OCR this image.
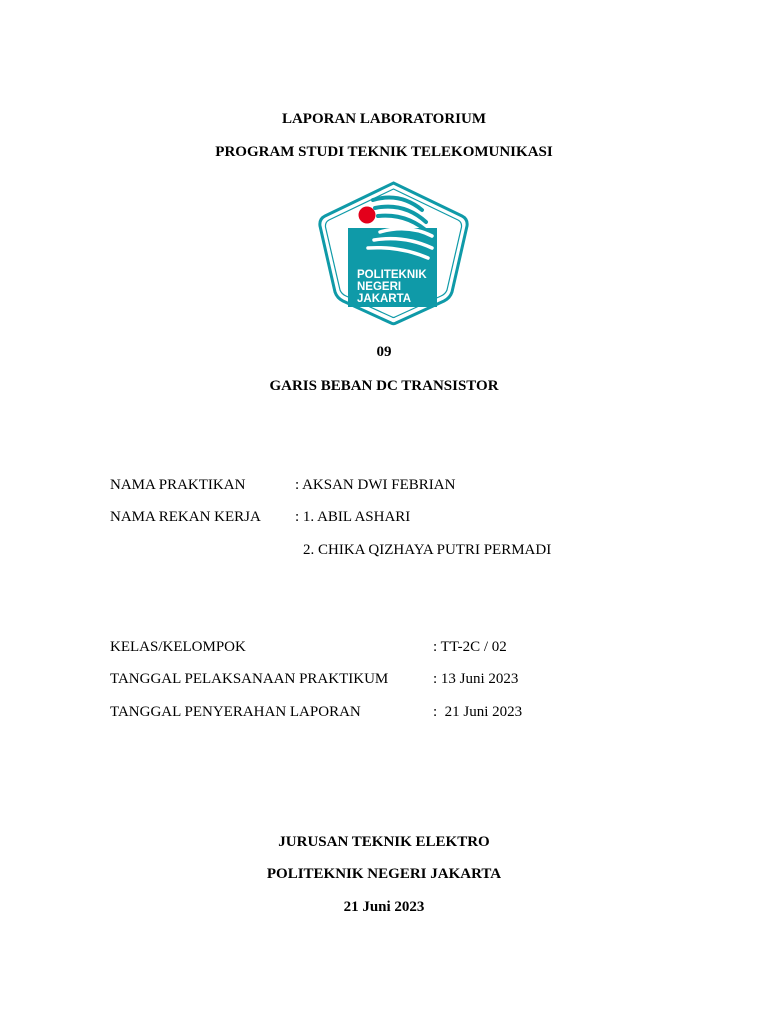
LAPORAN LABORATORIUM
PROGRAM STUDI TEKNIK TELEKOMUNIKASI
POLITEKNIK
NEGERI
JAKARTA
09
GARIS BEBAN DC TRANSISTOR
NAMA PRAKTIKAN	: AKSAN DWI FEBRIAN
NAMA REKAN KERJA : 1. ABIL ASHARI
2. CHIKA QIZHAYA PUTRI PERMADI
KELAS/KELOMPOK	: TT-2C / 02
TANGGAL PELAKSANAAN PRAKTIKUM	: 13 Juni 2023
TANGGAL PENYERAHAN LAPORAN	:  21 Juni 2023
JURUSAN TEKNIK ELEKTRO
POLITEKNIK NEGERI JAKARTA
21 Juni 2023
